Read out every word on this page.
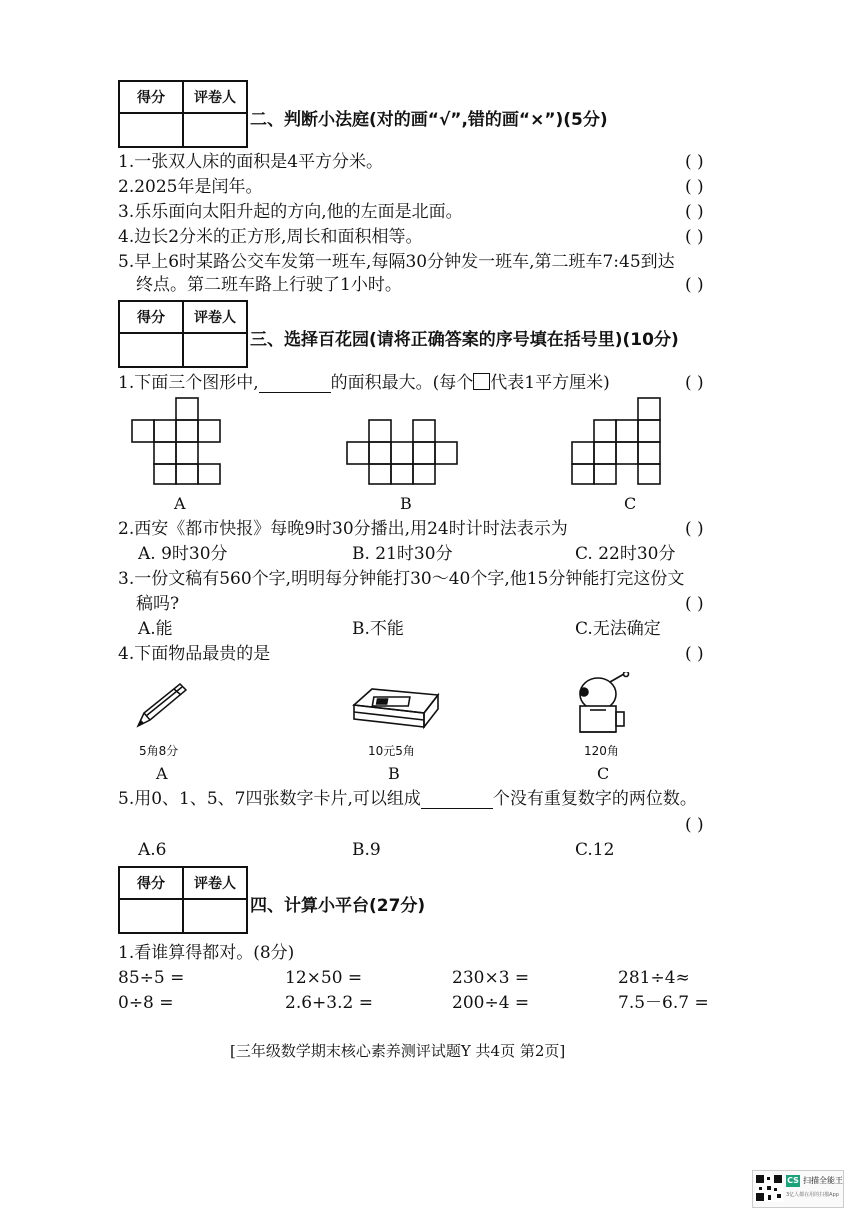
得分	评卷人

二、判断小法庭(对的画“√”,错的画“×”)(5分)
1.一张双人床的面积是4平方分米。	( )
2.2025年是闰年。	( )
3.乐乐面向太阳升起的方向,他的左面是北面。	( )
4.边长2分米的正方形,周长和面积相等。	( )
5.早上6时某路公交车发第一班车,每隔30分钟发一班车,第二班车7:45到达
终点。第二班车路上行驶了1小时。	( )
得分	评卷人

三、选择百花园(请将正确答案的序号填在括号里)(10分)
1.下面三个图形中,	的面积最大。(每个 代表1平方厘米)	( )
A	B	C
2.西安《都市快报》每晚9时30分播出,用24时计时法表示为	( )
A. 9时30分	B. 21时30分	C. 22时30分
3.一份文稿有560个字,明明每分钟能打30～40个字,他15分钟能打完这份文
稿吗?	( )
A.能	B.不能	C.无法确定
4.下面物品最贵的是	( )
5角8分	10元5角	120角
A	B	C
5.用0、1、5、7四张数字卡片,可以组成	个没有重复数字的两位数。
( )
A.6	B.9	C.12
得分	评卷人

四、计算小平台(27分)
1.看谁算得都对。(8分)
85÷5 =	12×50 =	230×3 =	281÷4≈
0÷8 =	2.6+3.2 =	200÷4 =	7.5－6.7 =
[三年级数学期末核心素养测评试题Y 共4页 第2页]
CS 扫描全能王
3亿人都在用的扫描App
